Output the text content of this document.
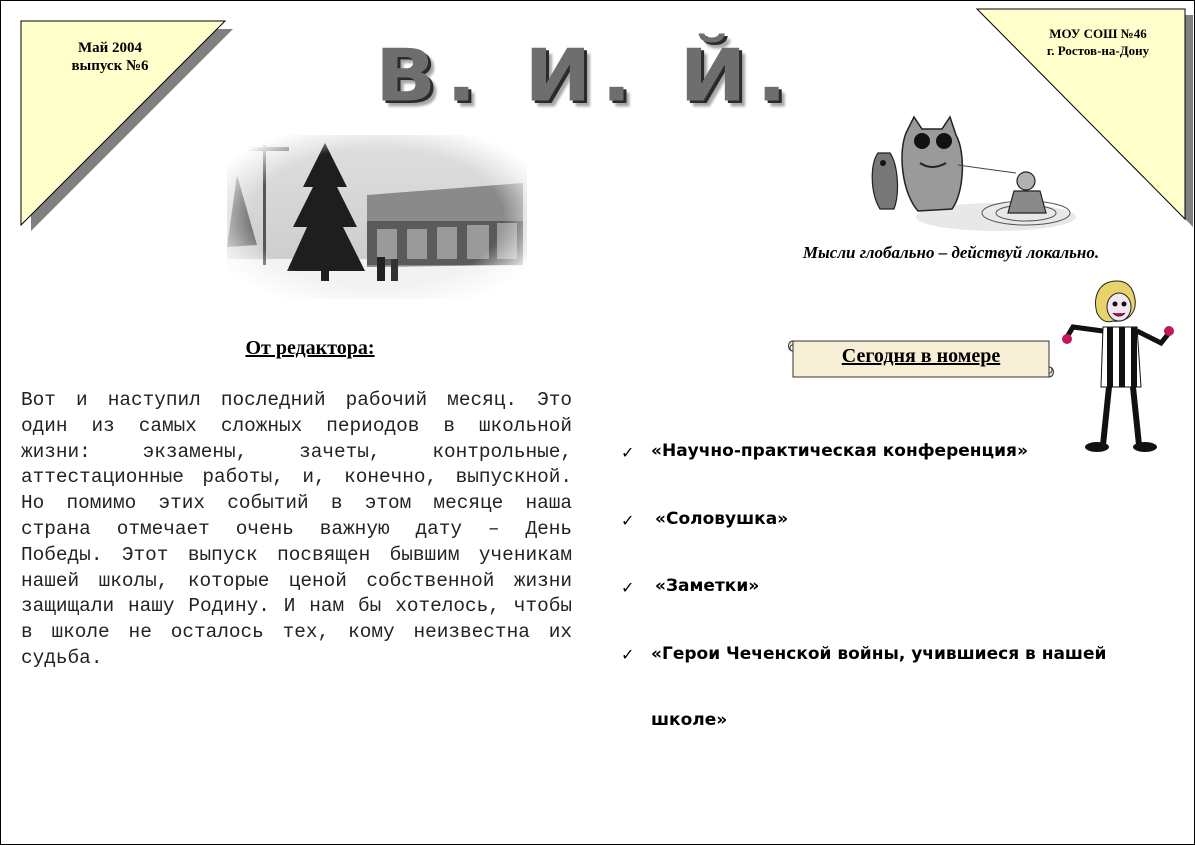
Май 2004
выпуск №6
МОУ СОШ №46
г. Ростов-на-Дону
В. И. Й.
Мысли глобально – действуй локально.
От редактора:
Вот и наступил последний рабочий месяц. Это один из самых сложных периодов в школьной жизни: экзамены, зачеты, контрольные, аттестационные работы, и, конечно, выпускной. Но помимо этих событий в этом месяце наша страна отмечает очень важную дату – День Победы. Этот выпуск посвящен бывшим ученикам нашей школы, которые ценой собственной жизни защищали нашу Родину. И нам бы хотелось, чтобы в школе не осталось тех, кому неизвестна их судьба.
Сегодня в номере
✓ «Научно-практическая конференция»
✓ «Соловушка»
✓ «Заметки»
✓ «Герои Чеченской войны, учившиеся в нашей школе»
